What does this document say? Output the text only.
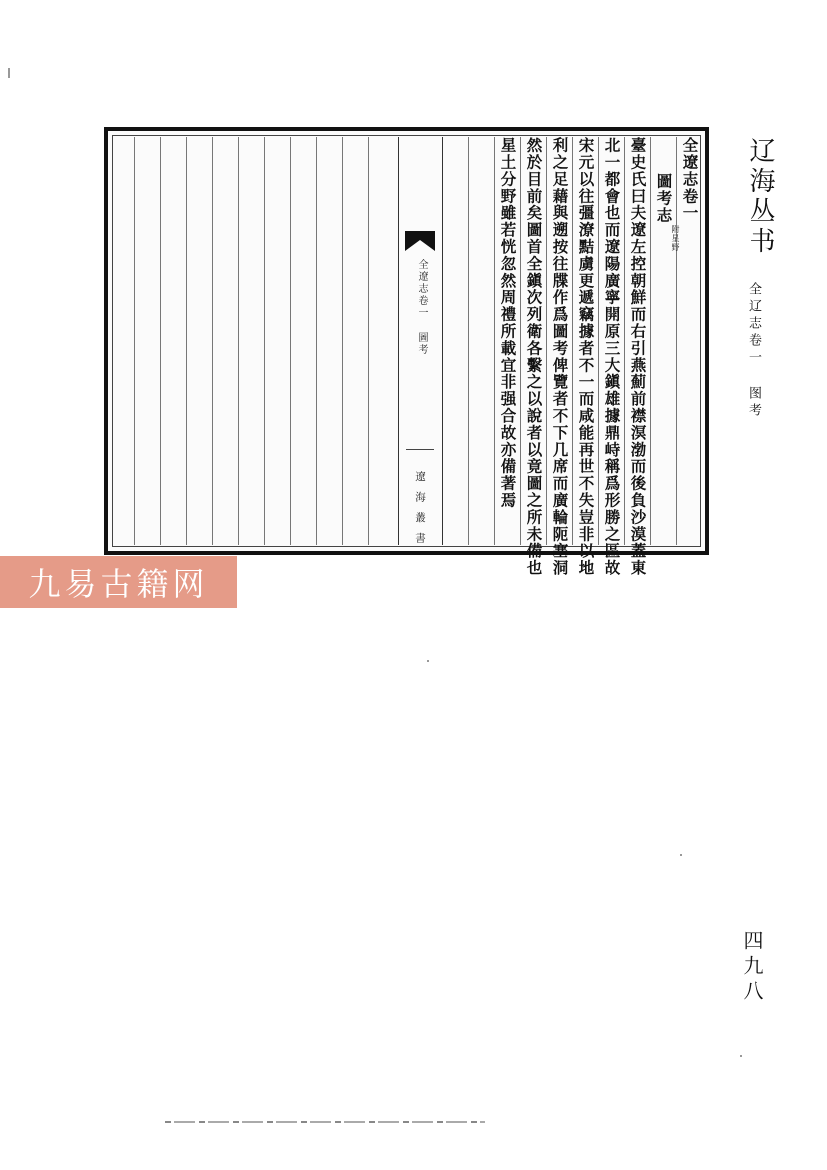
全遼志卷一 圖考
遼海叢書
全遼志卷一
圖考志
附星野
臺史氏曰夫遼左控朝鮮而右引燕薊前襟溟渤而後負沙漠蓋東
北一都會也而遼陽廣寧開原三大鎭雄據鼎峙稱爲形勝之區故
宋元以往彊潦黠虜更遞竊據者不一而咸能再世不失豈非以地
利之足藉與遡按往牒作爲圖考俾覽者不下几席而廣輪阨塞洞
然於目前矣圖首全鎭次列衛各繫之以說者以竟圖之所未備也
星土分野雖若恍忽然周禮所載宜非强合故亦備著焉	辽海丛书
全辽志卷一 图考
四九八
九易古籍网
